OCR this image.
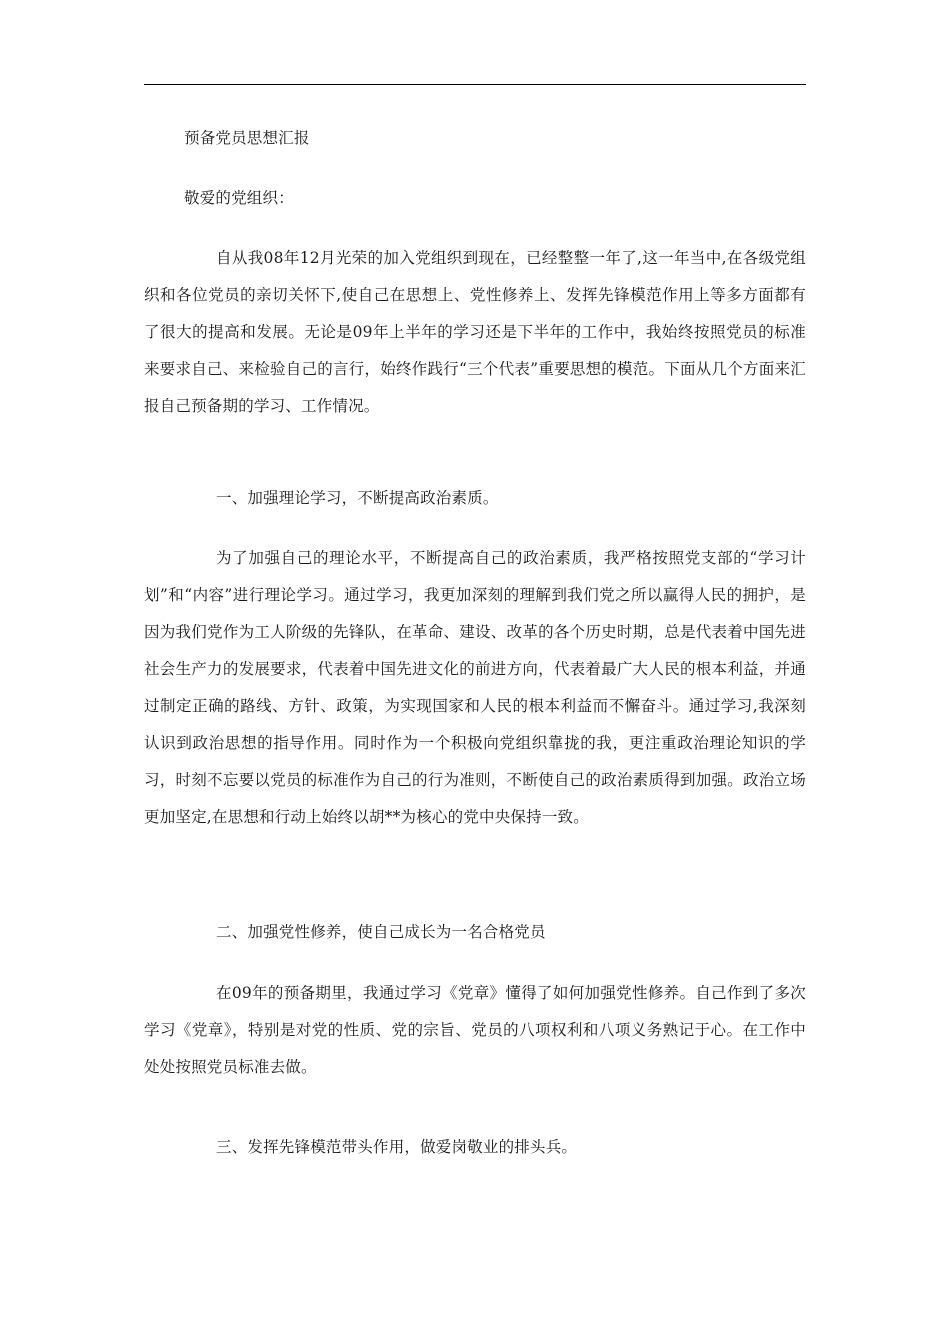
预备党员思想汇报

敬爱的党组织：

自从我08年12月光荣的加入党组织到现在，已经整整一年了,这一年当中,在各级党组织和各位党员的亲切关怀下,使自己在思想上、党性修养上、发挥先锋模范作用上等多方面都有了很大的提高和发展。无论是09年上半年的学习还是下半年的工作中，我始终按照党员的标准来要求自己、来检验自己的言行，始终作践行“三个代表”重要思想的模范。下面从几个方面来汇报自己预备期的学习、工作情况。

一、加强理论学习，不断提高政治素质。

为了加强自己的理论水平，不断提高自己的政治素质，我严格按照党支部的“学习计划”和“内容”进行理论学习。通过学习，我更加深刻的理解到我们党之所以赢得人民的拥护，是因为我们党作为工人阶级的先锋队，在革命、建设、改革的各个历史时期，总是代表着中国先进社会生产力的发展要求，代表着中国先进文化的前进方向，代表着最广大人民的根本利益，并通过制定正确的路线、方针、政策，为实现国家和人民的根本利益而不懈奋斗。通过学习,我深刻认识到政治思想的指导作用。同时作为一个积极向党组织靠拢的我，更注重政治理论知识的学习，时刻不忘要以党员的标准作为自己的行为准则，不断使自己的政治素质得到加强。政治立场更加坚定,在思想和行动上始终以胡**为核心的党中央保持一致。

二、加强党性修养，使自己成长为一名合格党员

在09年的预备期里，我通过学习《党章》懂得了如何加强党性修养。自己作到了多次学习《党章》，特别是对党的性质、党的宗旨、党员的八项权利和八项义务熟记于心。在工作中处处按照党员标准去做。

三、发挥先锋模范带头作用，做爱岗敬业的排头兵。
